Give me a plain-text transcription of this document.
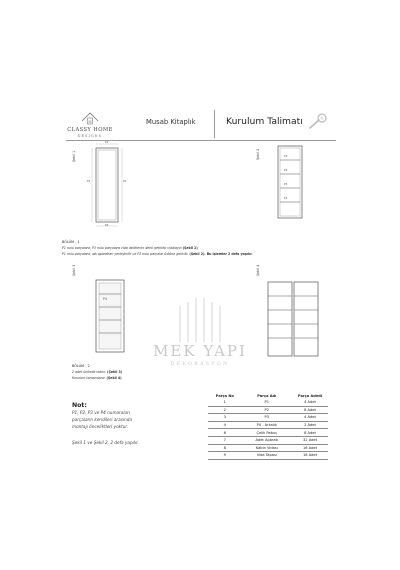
H
CLASSY HOME
DESIGNS
Musab Kitaplık	Kurulum Talimatı
Şekil 1
P1
P2	P2
P4
Şekil 2	P3
P3
P3
P3
BÖLÜM - 1
P1 nolu parçalara, P3 nolu parçalara vida deliklerini denk getirilip vidalayın (Şekil 1)
P1 nolu parçalara, adı aparatları yerleştirilir ve P2 nolu parçalar üstüne getirilir. (Şekil 2). Bu işlemler 2 defa yapılır.
Şekil 3
P4
Şekil 4
MEK YAPI
DEKORASYON
BÖLÜM - 2
2 adet ünitede takılır. (Şekil 3)
Kurulum tamamlanır. (Şekil 4)
Not:
P1, P2, P3 ve P4 numaraları
parçaların kendileri arasında
montajı önceliktleri yoktur.
Şekil 1 ve Şekil 2, 2 defa yapılır.
Parça No	Parça Adı	Parça Adedi
1	P1	4 Adet
2	P2	8 Adet
3	P3	4 Adet
4	P4 - Arkalık	2 Adet
6	Çelik Pabuç	8 Adet
7	Adet Aparatı	32 Adet
8	Kabin Vidası	16 Adet
9	Vida Tapası	16 Adet
